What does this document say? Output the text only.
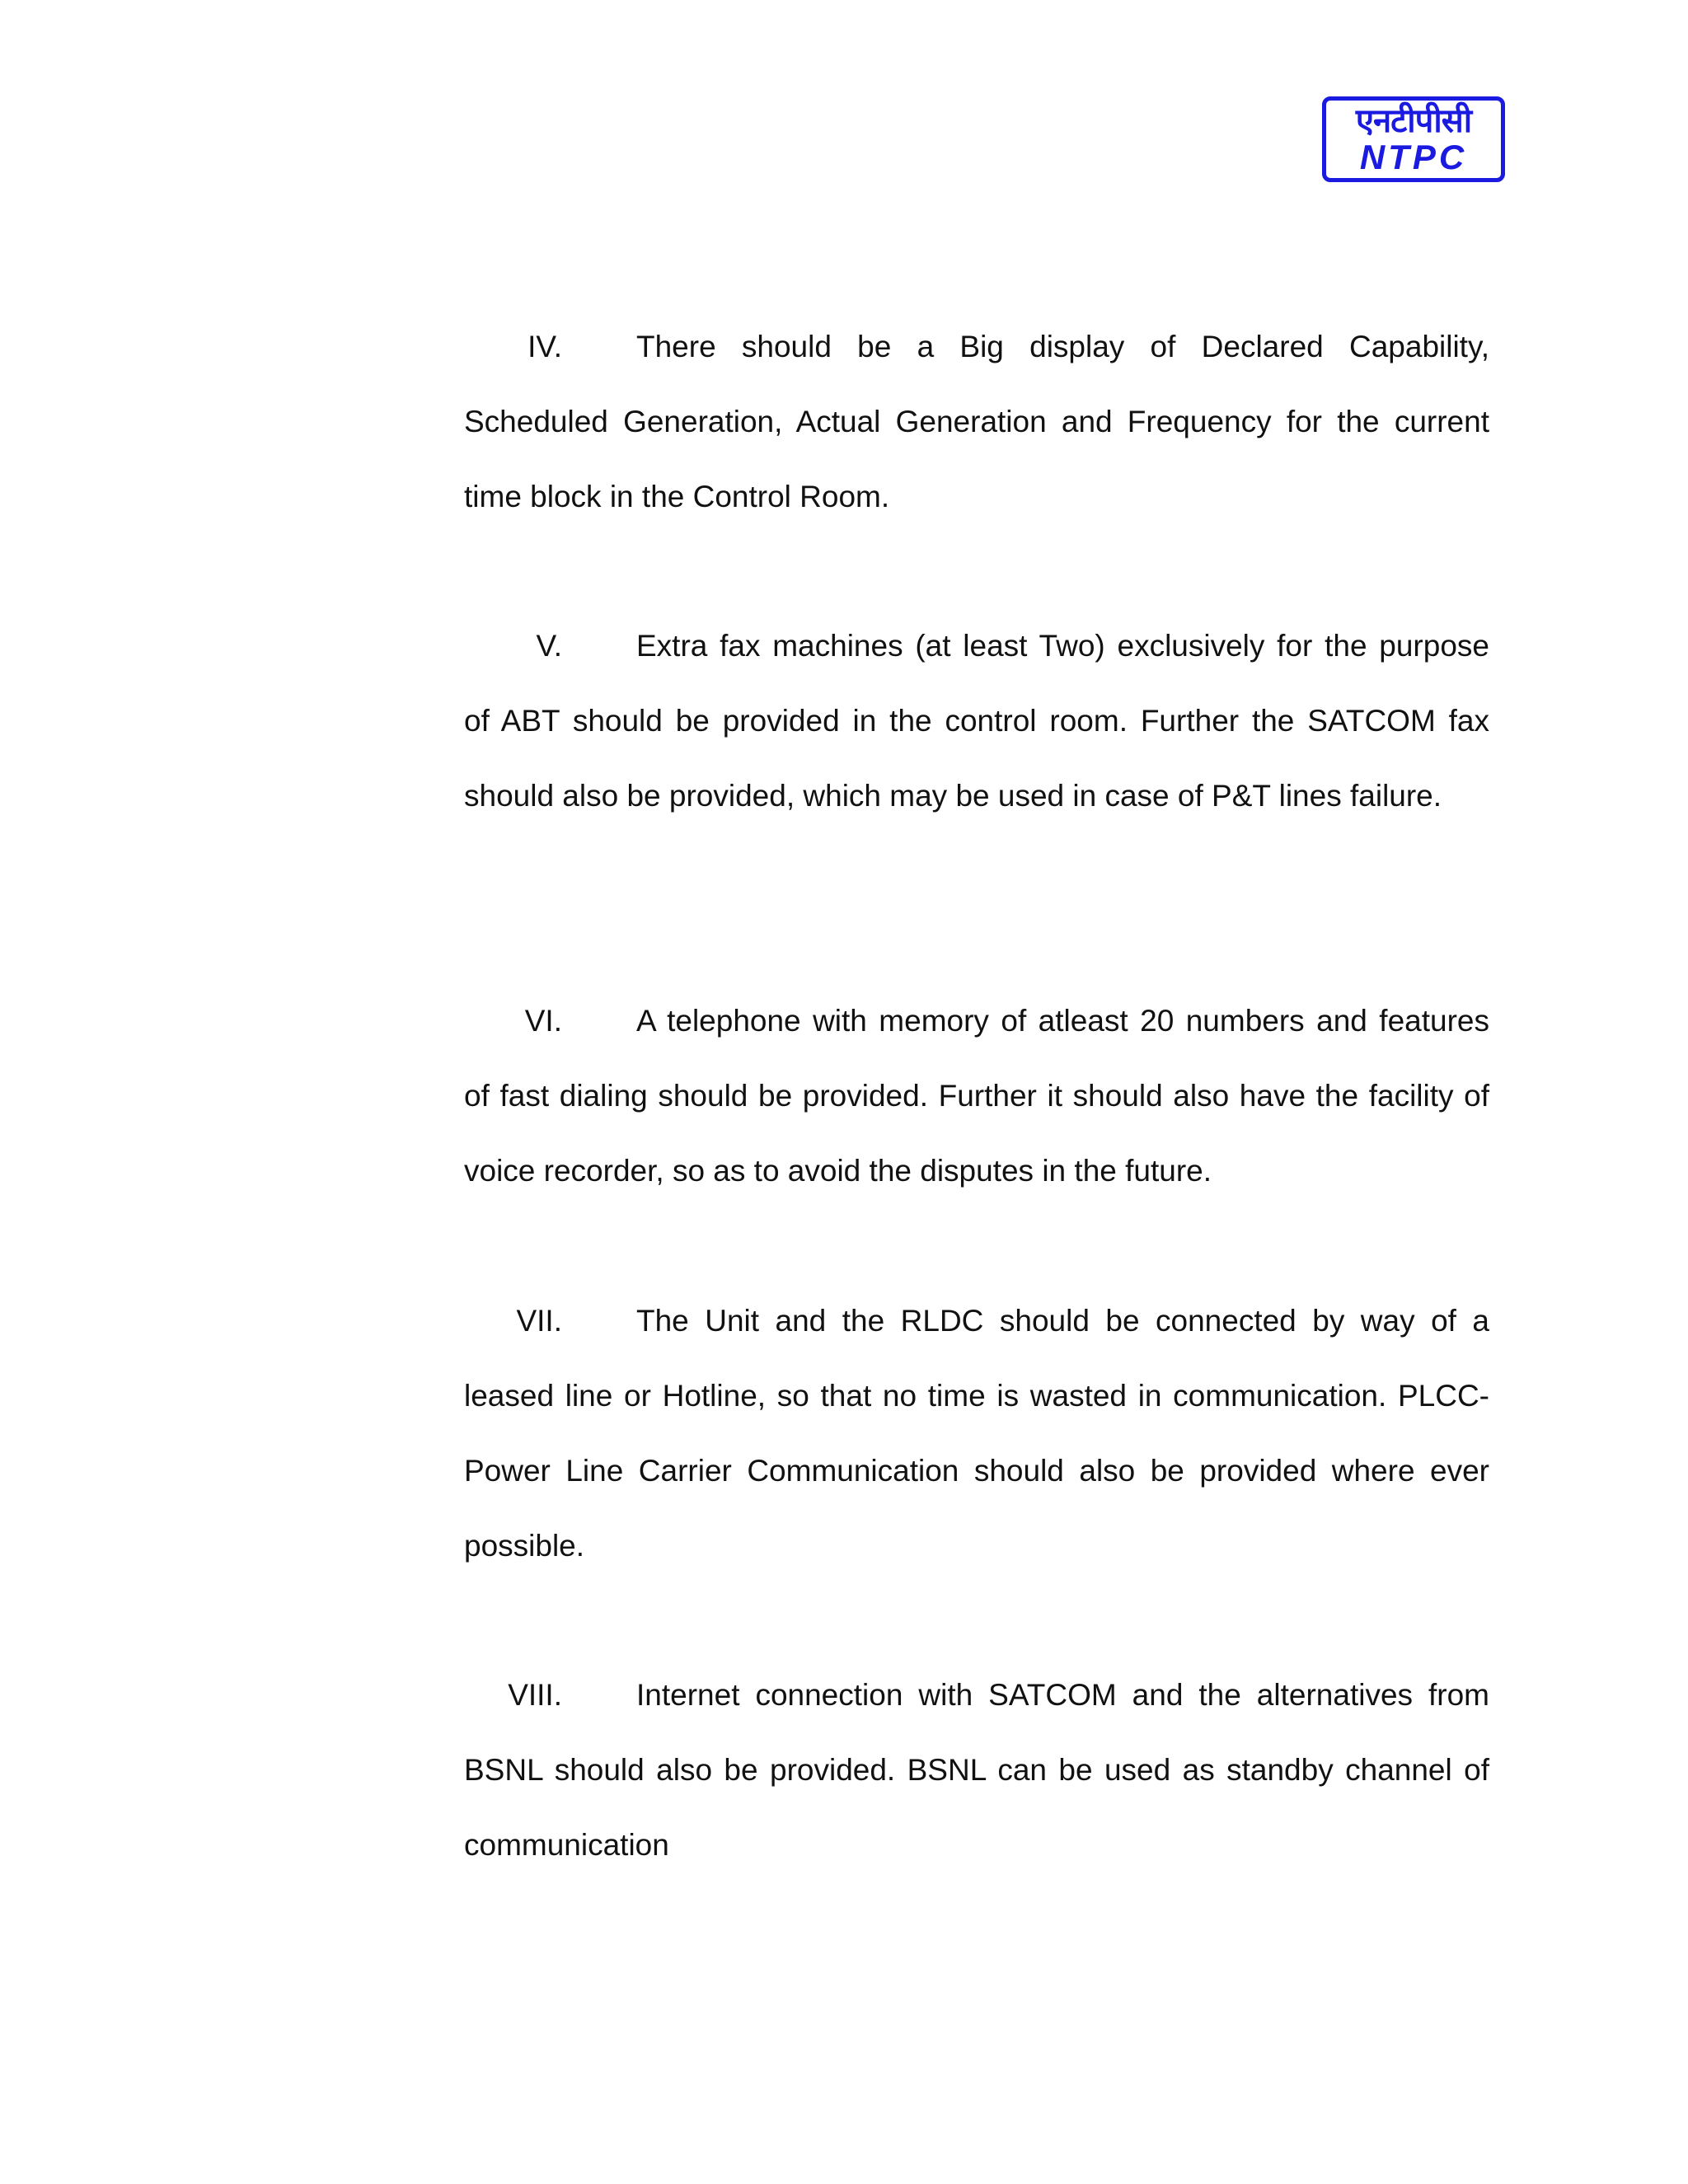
एनटीपीसी
NTPC
IV.	There should be a Big display of Declared Capability, Scheduled Generation, Actual Generation and Frequency for the current time block in the Control Room.

V.	Extra fax machines (at least Two) exclusively for the purpose of ABT should be provided in the control room. Further the SATCOM fax should also be provided, which may be used in case of P&T lines failure.

VI.	A telephone with memory of atleast 20 numbers and features of fast dialing should be provided. Further it should also have the facility of voice recorder, so as to avoid the disputes in the future.

VII.	The Unit and the RLDC should be connected by way of a leased line or Hotline, so that no time is wasted in communication. PLCC- Power Line Carrier Communication should also be provided where ever possible.

VIII.	Internet connection with SATCOM and the alternatives from BSNL should also be provided. BSNL can be used as standby channel of communication
